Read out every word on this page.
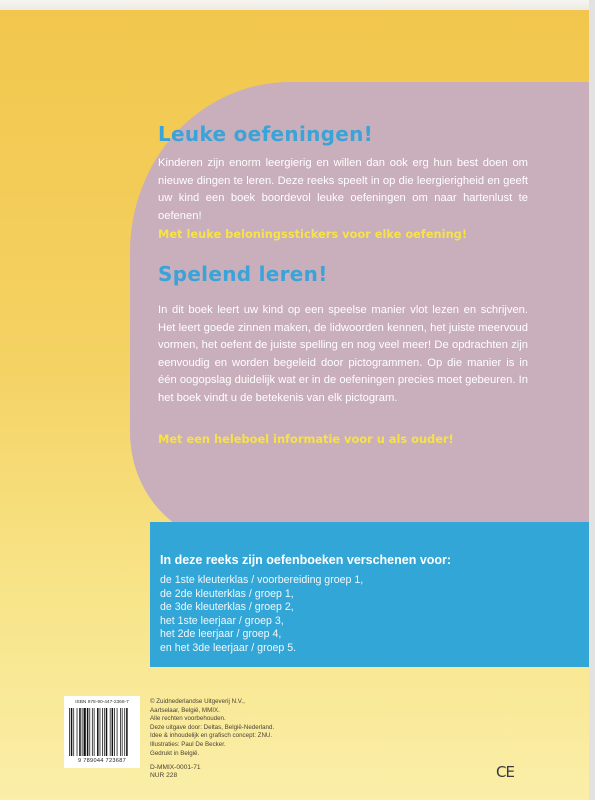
Leuke oefeningen!

Kinderen zijn enorm leergierig en willen dan ook erg hun best doen om nieuwe dingen te leren. Deze reeks speelt in op die leergierigheid en geeft uw kind een boek boordevol leuke oefeningen om naar hartenlust te oefenen!

Met leuke beloningsstickers voor elke oefening!
Spelend leren!

In dit boek leert uw kind op een speelse manier vlot lezen en schrijven. Het leert goede zinnen maken, de lidwoorden kennen, het juiste meervoud vormen, het oefent de juiste spelling en nog veel meer! De opdrachten zijn eenvoudig en worden begeleid door pictogrammen. Op die manier is in één oogopslag duidelijk wat er in de oefeningen precies moet gebeuren. In het boek vindt u de betekenis van elk pictogram.

Met een heleboel informatie voor u als ouder!
In deze reeks zijn oefenboeken verschenen voor:
de 1ste kleuterklas / voorbereiding groep 1,
de 2de kleuterklas / groep 1,
de 3de kleuterklas / groep 2,
het 1ste leerjaar / groep 3,
het 2de leerjaar / groep 4,
en het 3de leerjaar / groep 5.
ISBN 978-90-447-2368-7
9 789044 723687
© Zuidnederlandse Uitgeverij N.V.,
Aartselaar, België, MMIX.
Alle rechten voorbehouden.
Deze uitgave door: Deltas, België-Nederland.
Idee & inhoudelijk en grafisch concept: ZNU.
Illustraties: Paul De Becker.
Gedrukt in België.
D-MMIX-0001-71
NUR 228	CE
